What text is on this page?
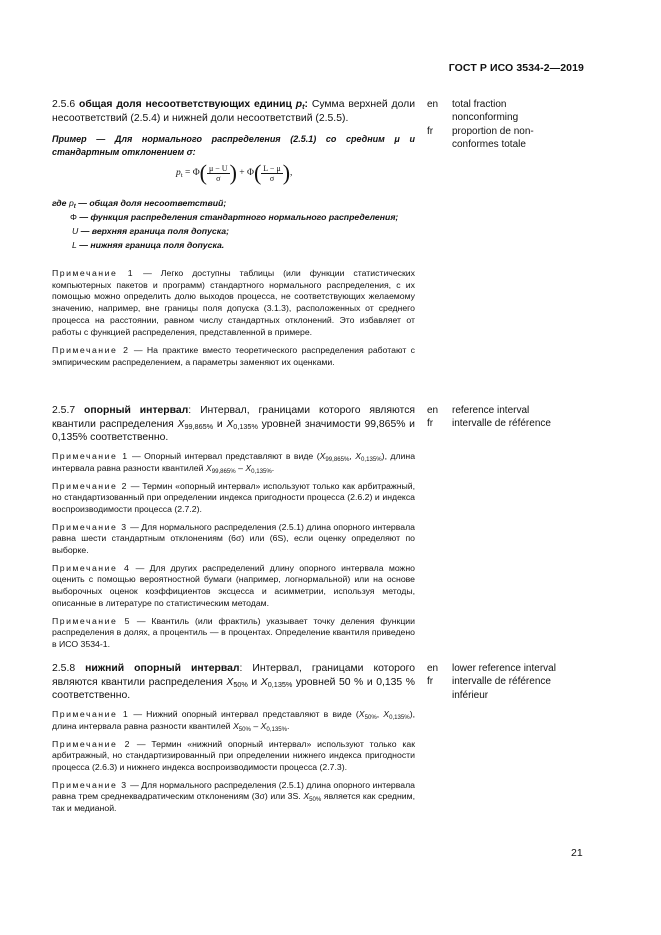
ГОСТ Р ИСО 3534-2—2019

2.5.6 общая доля несоответствующих единиц $p_t$: Сумма верхней доли несоответствий (2.5.4) и нижней доли несоответствий (2.5.5).

Пример — Для нормального распределения (2.5.1) со средним μ и стандартным отклонением σ:

en	total fraction
nonconforming
fr	proportion de non-
conformes totale
$p_t = \Phi( \frac{\mu - U}{\sigma}$ ) + $\Phi( \frac{L - \mu}{\sigma}$ ),

где $p_t$ — общая доля несоответствий;

Φ — функция распределения стандартного нормального распределения;

U — верхняя граница поля допуска;

L — нижняя граница поля допуска.

Примечание 1 — Легко доступны таблицы (или функции статистических компьютерных пакетов и программ) стандартного нормального распределения, с их помощью можно определить долю выходов процесса, не соответствующих желаемому значению, например, вне границы поля допуска (3.1.3), расположенных от среднего процесса на расстоянии, равном числу стандартных отклонений. Это избавляет от работы с функцией распределения, представленной в примере.

Примечание 2 — На практике вместо теоретического распределения работают с эмпирическим распределением, а параметры заменяют их оценками.

2.5.7 опорный интервал: Интервал, границами которого являются квантили распределения $X_{99,865\%}$ и $X_{0,135\%}$ уровней значимости 99,865% и 0,135% соответственно.

Примечание 1 — Опорный интервал представляют в виде ($X_{99,865\%}$, $X_{0,135\%}$), длина интервала равна разности квантилей $X_{99,865\%} - X_{0,135\%}$.

Примечание 2 — Термин «опорный интервал» используют только как арбитражный, но стандартизованный при определении индекса пригодности процесса (2.6.2) и индекса воспроизводимости процесса (2.7.2).

Примечание 3 — Для нормального распределения (2.5.1) длина опорного интервала равна шести стандартным отклонениям (6σ) или (6S), если оценку определяют по выборке.

Примечание 4 — Для других распределений длину опорного интервала можно оценить с помощью вероятностной бумаги (например, логнормальной) или на основе выборочных оценок коэффициентов эксцесса и асимметрии, используя методы, описанные в литературе по статистическим методам.

Примечание 5 — Квантиль (или фрактиль) указывает точку деления функции распределения в долях, а процентиль — в процентах. Определение квантиля приведено в ИСО 3534-1.

en	reference interval
fr	intervalle de référence

2.5.8 нижний опорный интервал: Интервал, границами которого являются квантили распределения $X_{50\%}$ и $X_{0,135\%}$ уровней 50 % и 0,135 % соответственно.

Примечание 1 — Нижний опорный интервал представляют в виде ($X_{50\%}$, $X_{0,135\%}$), длина интервала равна разности квантилей $X_{50\%} - X_{0,135\%}$.

Примечание 2 — Термин «нижний опорный интервал» используют только как арбитражный, но стандартизированный при определении нижнего индекса пригодности процесса (2.6.3) и нижнего индекса воспроизводимости процесса (2.7.3).

Примечание 3 — Для нормального распределения (2.5.1) длина опорного интервала равна трем среднеквадратическим отклонениям (3σ) или 3S. $X_{50\%}$ является как средним, так и медианой.

en	lower reference interval
fr	intervalle de référence
inférieur
21
